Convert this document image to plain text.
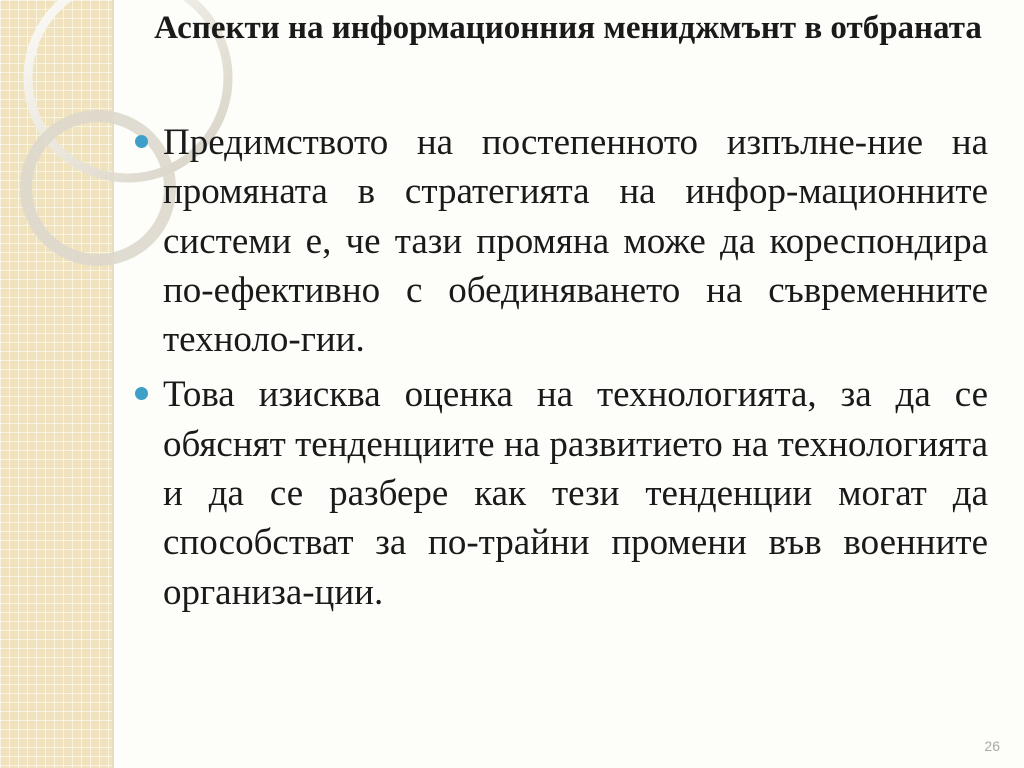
Аспекти на информационния мениджмънт в отбраната
Предимството на постепенното изпълне-ние на промяната в стратегията на инфор-мационните системи е, че тази промяна може да кореспондира по-ефективно с обединяването на съвременните техноло-гии.
Това изисква оценка на технологията, за да се обяснят тенденциите на развитието на технологията и да се разбере как тези тенденции могат да способстват за по-трайни промени във военните организа-ции.
26
